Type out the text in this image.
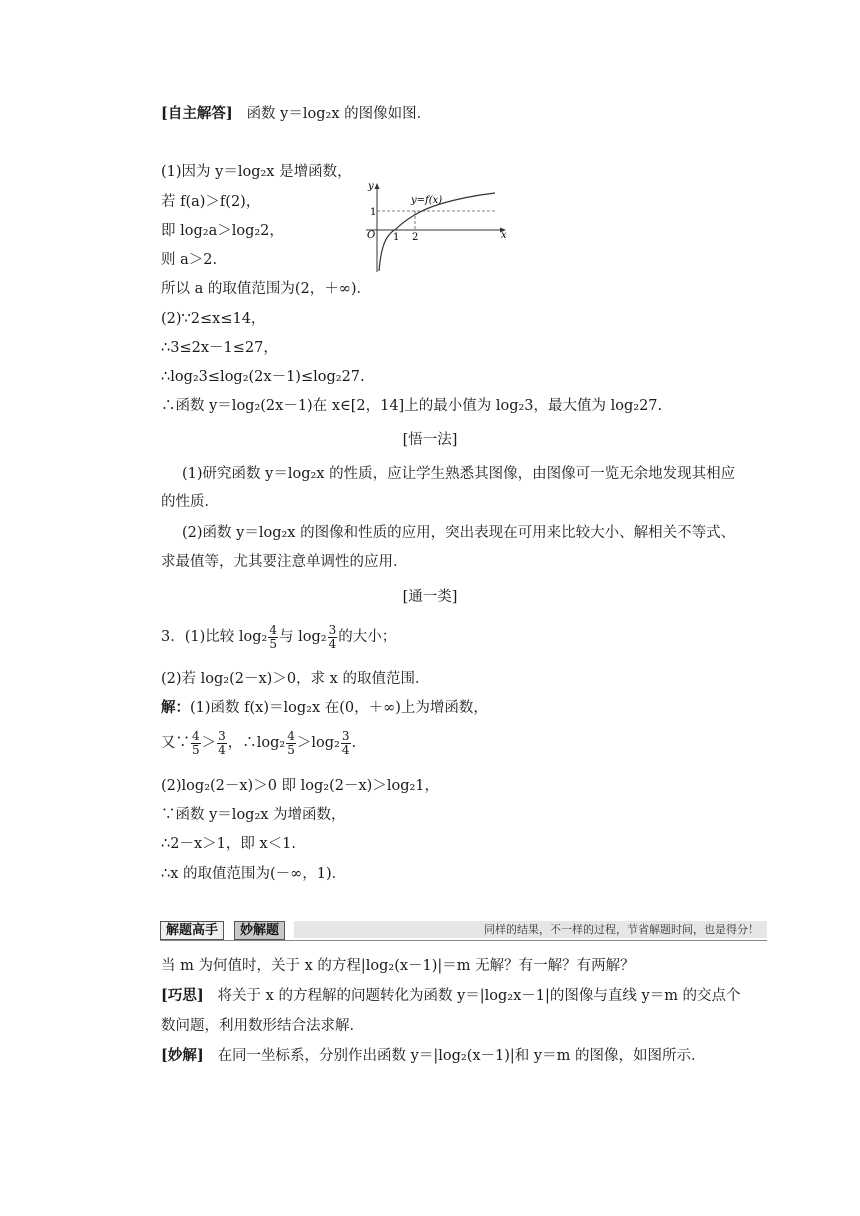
[自主解答] 函数 y＝log₂x 的图像如图．
(1)因为 y＝log₂x 是增函数，
若 f(a)＞f(2)，
即 log₂a＞log₂2，
则 a＞2.
所以 a 的取值范围为(2，＋∞)．
y
x
O
1
1 2
y=f(x)
(2)∵2≤x≤14，
∴3≤2x－1≤27，
∴log₂3≤log₂(2x－1)≤log₂27.
∴函数 y＝log₂(2x－1)在 x∈[2，14]上的最小值为 log₂3，最大值为 log₂27.
[悟一法]
(1)研究函数 y＝log₂x 的性质，应让学生熟悉其图像，由图像可一览无余地发现其相应
的性质．
(2)函数 y＝log₂x 的图像和性质的应用，突出表现在可用来比较大小、解相关不等式、
求最值等，尤其要注意单调性的应用．
[通一类]
3．(1)比较 $\log_2 \frac{4}{5}$ 与 $\log_2 \frac{3}{4}$ 的大小；
(2)若 log₂(2－x)＞0，求 x 的取值范围．
解：(1)函数 f(x)＝log₂x 在(0，＋∞)上为增函数，
又∵ $\frac{4}{5} > \frac{3}{4}$ ，∴log₂ $\frac{4}{5} >\log_2 \frac{3}{4}$ .
(2)log₂(2－x)＞0 即 log₂(2－x)＞log₂1，
∵函数 y＝log₂x 为增函数，
∴2－x＞1，即 x＜1.
∴x 的取值范围为(－∞，1)．
同样的结果，不一样的过程，节省解题时间，也是得分！
解题高手	妙解题
当 m 为何值时，关于 x 的方程|log₂(x－1)|＝m 无解？有一解？有两解？
[巧思] 将关于 x 的方程解的问题转化为函数 y＝|log₂x－1|的图像与直线 y＝m 的交点个
数问题，利用数形结合法求解．
[妙解] 在同一坐标系，分别作出函数 y＝|log₂(x－1)|和 y＝m 的图像，如图所示．
